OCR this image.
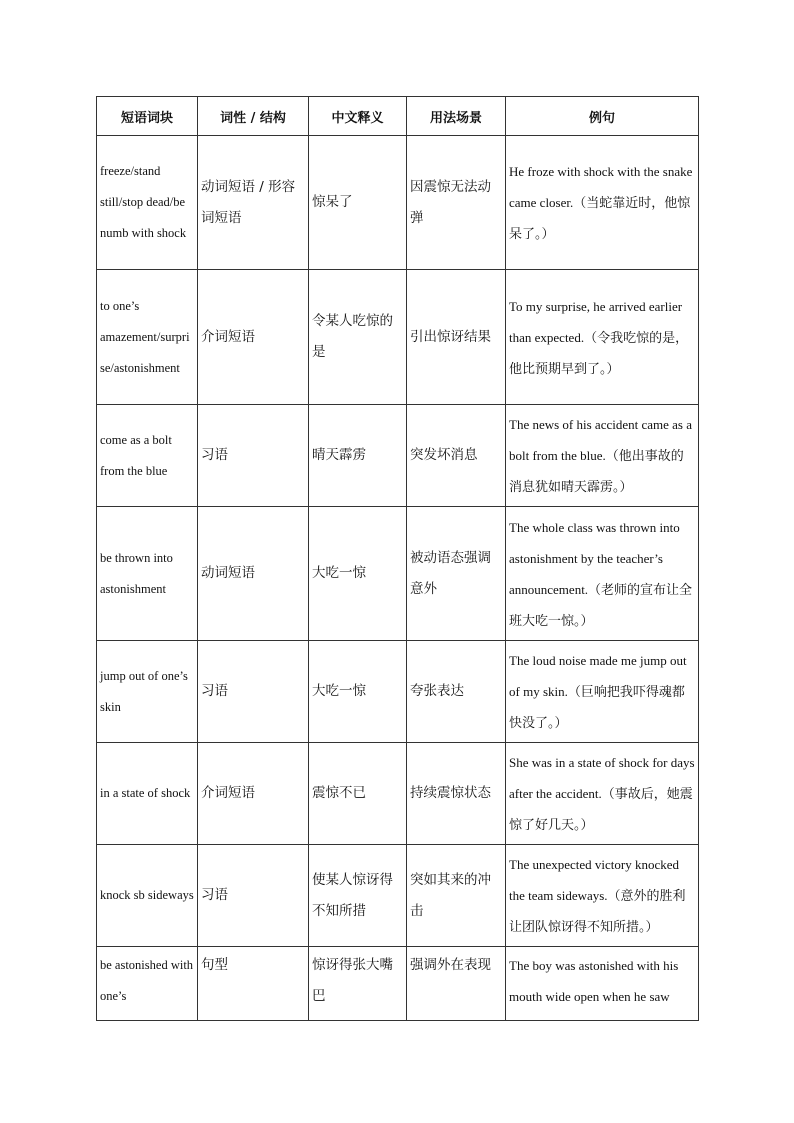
短语词块	词性 / 结构	中文释义	用法场景	例句
freeze/stand still/stop dead/be numb with shock	动词短语 / 形容词短语	惊呆了	因震惊无法动弹	He froze with shock with the snake came closer.（当蛇靠近时，他惊呆了。）
to one’s amazement/surprise/astonishment	介词短语	令某人吃惊的是	引出惊讶结果	To my surprise, he arrived earlier than expected.（令我吃惊的是，他比预期早到了。）
come as a bolt from the blue	习语	晴天霹雳	突发坏消息	The news of his accident came as a bolt from the blue.（他出事故的消息犹如晴天霹雳。）
be thrown into astonishment	动词短语	大吃一惊	被动语态强调意外	The whole class was thrown into astonishment by the teacher’s announcement.（老师的宣布让全班大吃一惊。）
jump out of one’s skin	习语	大吃一惊	夸张表达	The loud noise made me jump out of my skin.（巨响把我吓得魂都快没了。）
in a state of shock	介词短语	震惊不已	持续震惊状态	She was in a state of shock for days after the accident.（事故后，她震惊了好几天。）
knock sb sideways	习语	使某人惊讶得不知所措	突如其来的冲击	The unexpected victory knocked the team sideways.（意外的胜利让团队惊讶得不知所措。）
be astonished with one’s	句型	惊讶得张大嘴巴	强调外在表现	The boy was astonished with his mouth wide open when he saw
